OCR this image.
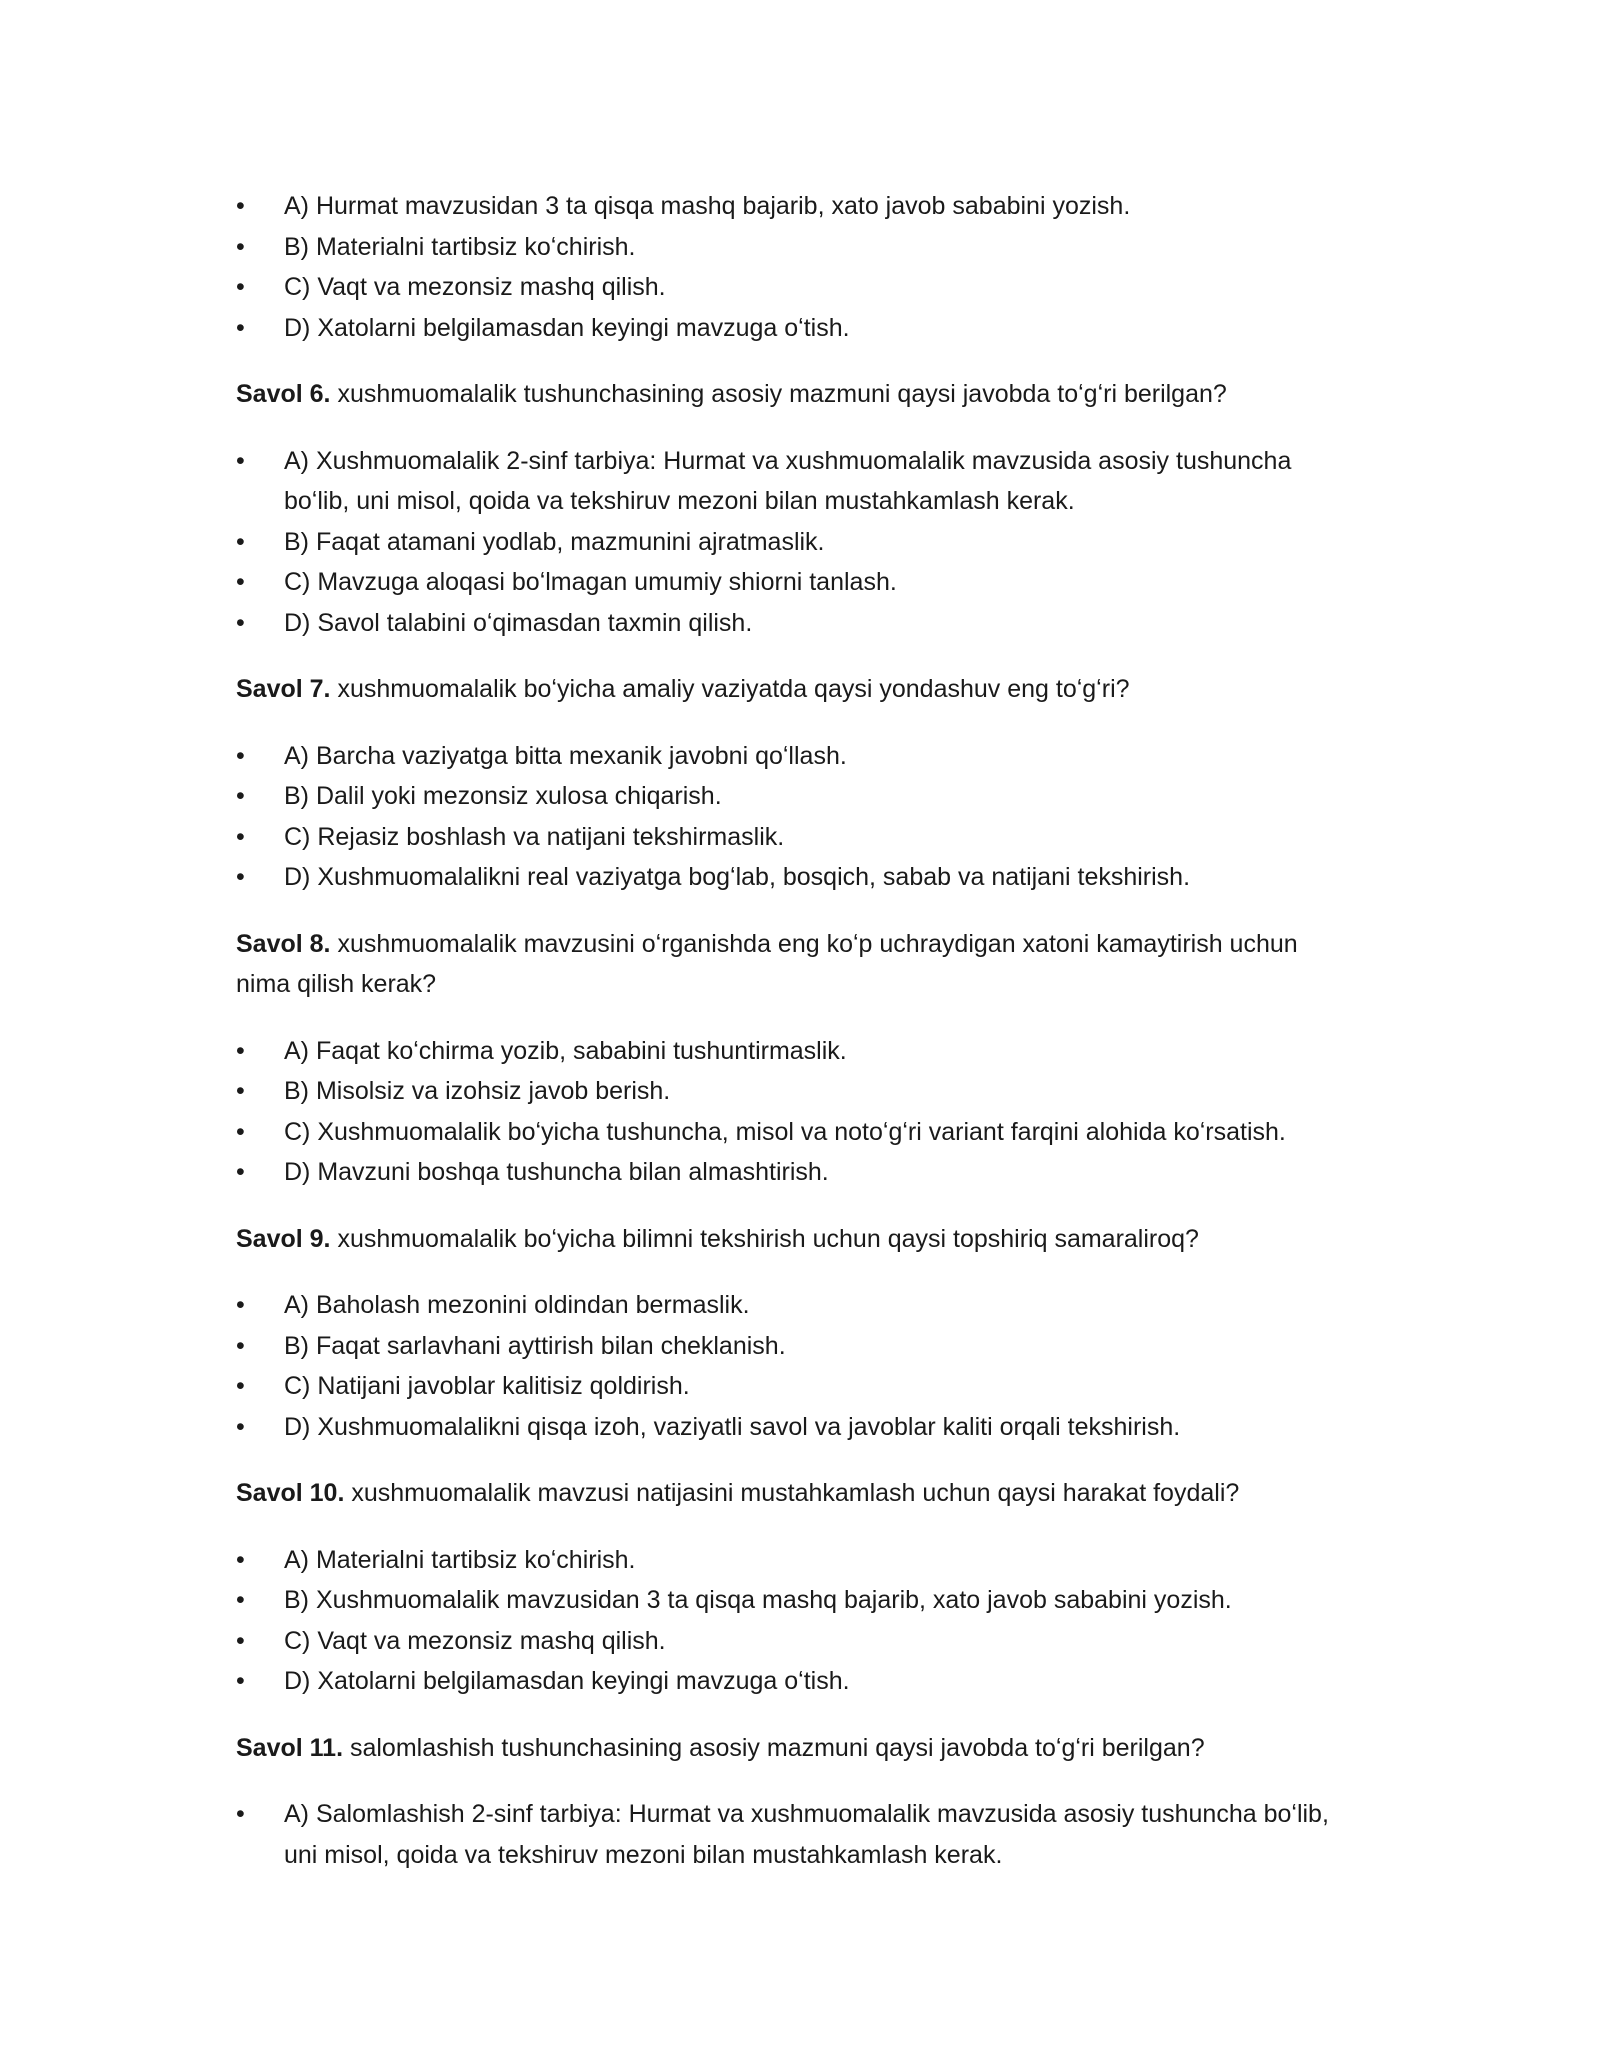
•	A) Hurmat mavzusidan 3 ta qisqa mashq bajarib, xato javob sababini yozish.
•	B) Materialni tartibsiz koʻchirish.
•	C) Vaqt va mezonsiz mashq qilish.
•	D) Xatolarni belgilamasdan keyingi mavzuga oʻtish.

Savol 6. xushmuomalalik tushunchasining asosiy mazmuni qaysi javobda toʻgʻri berilgan?

•	A) Xushmuomalalik 2-sinf tarbiya: Hurmat va xushmuomalalik mavzusida asosiy tushuncha boʻlib, uni misol, qoida va tekshiruv mezoni bilan mustahkamlash kerak.
•	B) Faqat atamani yodlab, mazmunini ajratmaslik.
•	C) Mavzuga aloqasi boʻlmagan umumiy shiorni tanlash.
•	D) Savol talabini oʻqimasdan taxmin qilish.

Savol 7. xushmuomalalik boʻyicha amaliy vaziyatda qaysi yondashuv eng toʻgʻri?

•	A) Barcha vaziyatga bitta mexanik javobni qoʻllash.
•	B) Dalil yoki mezonsiz xulosa chiqarish.
•	C) Rejasiz boshlash va natijani tekshirmaslik.
•	D) Xushmuomalalikni real vaziyatga bogʻlab, bosqich, sabab va natijani tekshirish.

Savol 8. xushmuomalalik mavzusini oʻrganishda eng koʻp uchraydigan xatoni kamaytirish uchun nima qilish kerak?

•	A) Faqat koʻchirma yozib, sababini tushuntirmaslik.
•	B) Misolsiz va izohsiz javob berish.
•	C) Xushmuomalalik boʻyicha tushuncha, misol va notoʻgʻri variant farqini alohida koʻrsatish.
•	D) Mavzuni boshqa tushuncha bilan almashtirish.

Savol 9. xushmuomalalik boʻyicha bilimni tekshirish uchun qaysi topshiriq samaraliroq?

•	A) Baholash mezonini oldindan bermaslik.
•	B) Faqat sarlavhani ayttirish bilan cheklanish.
•	C) Natijani javoblar kalitisiz qoldirish.
•	D) Xushmuomalalikni qisqa izoh, vaziyatli savol va javoblar kaliti orqali tekshirish.

Savol 10. xushmuomalalik mavzusi natijasini mustahkamlash uchun qaysi harakat foydali?

•	A) Materialni tartibsiz koʻchirish.
•	B) Xushmuomalalik mavzusidan 3 ta qisqa mashq bajarib, xato javob sababini yozish.
•	C) Vaqt va mezonsiz mashq qilish.
•	D) Xatolarni belgilamasdan keyingi mavzuga oʻtish.

Savol 11. salomlashish tushunchasining asosiy mazmuni qaysi javobda toʻgʻri berilgan?

•	A) Salomlashish 2-sinf tarbiya: Hurmat va xushmuomalalik mavzusida asosiy tushuncha boʻlib, uni misol, qoida va tekshiruv mezoni bilan mustahkamlash kerak.
